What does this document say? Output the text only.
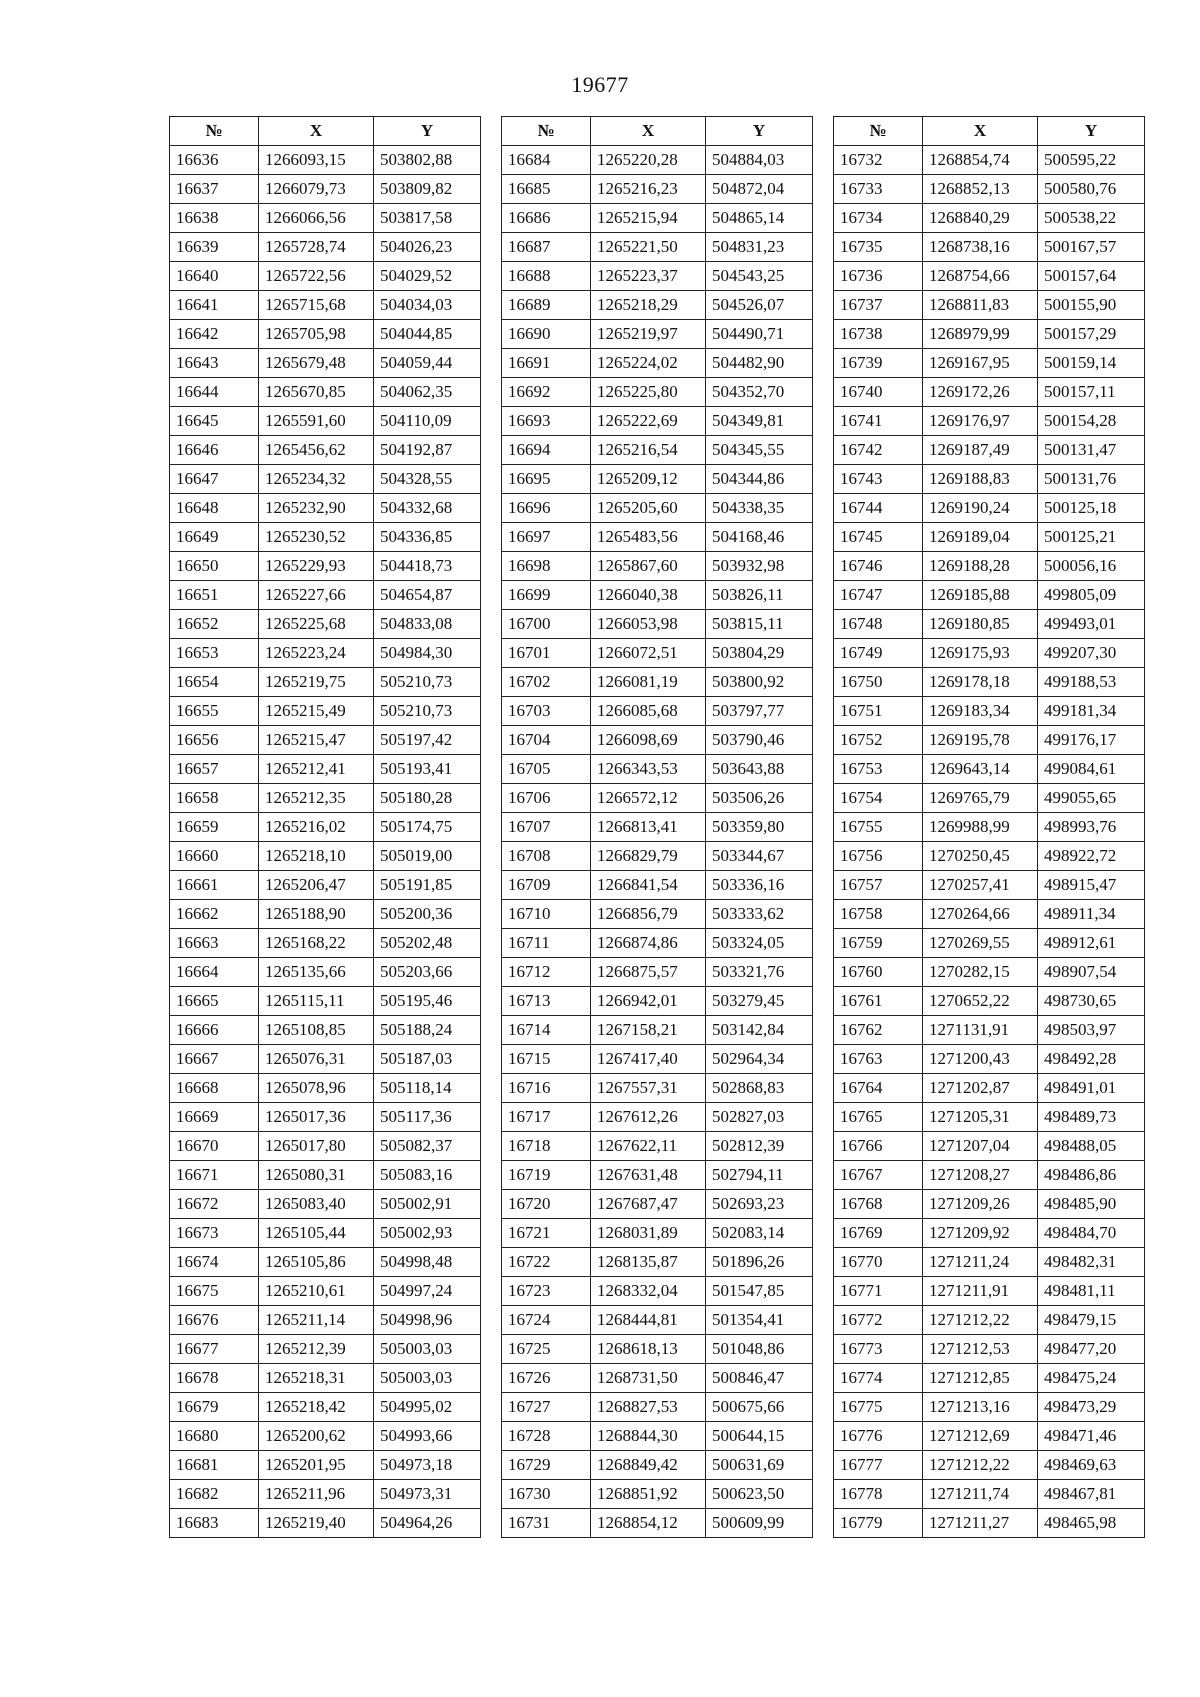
19677
№	X	Y
16636	1266093,15	503802,88
16637	1266079,73	503809,82
16638	1266066,56	503817,58
16639	1265728,74	504026,23
16640	1265722,56	504029,52
16641	1265715,68	504034,03
16642	1265705,98	504044,85
16643	1265679,48	504059,44
16644	1265670,85	504062,35
16645	1265591,60	504110,09
16646	1265456,62	504192,87
16647	1265234,32	504328,55
16648	1265232,90	504332,68
16649	1265230,52	504336,85
16650	1265229,93	504418,73
16651	1265227,66	504654,87
16652	1265225,68	504833,08
16653	1265223,24	504984,30
16654	1265219,75	505210,73
16655	1265215,49	505210,73
16656	1265215,47	505197,42
16657	1265212,41	505193,41
16658	1265212,35	505180,28
16659	1265216,02	505174,75
16660	1265218,10	505019,00
16661	1265206,47	505191,85
16662	1265188,90	505200,36
16663	1265168,22	505202,48
16664	1265135,66	505203,66
16665	1265115,11	505195,46
16666	1265108,85	505188,24
16667	1265076,31	505187,03
16668	1265078,96	505118,14
16669	1265017,36	505117,36
16670	1265017,80	505082,37
16671	1265080,31	505083,16
16672	1265083,40	505002,91
16673	1265105,44	505002,93
16674	1265105,86	504998,48
16675	1265210,61	504997,24
16676	1265211,14	504998,96
16677	1265212,39	505003,03
16678	1265218,31	505003,03
16679	1265218,42	504995,02
16680	1265200,62	504993,66
16681	1265201,95	504973,18
16682	1265211,96	504973,31
16683	1265219,40	504964,26
№	X	Y
16684	1265220,28	504884,03
16685	1265216,23	504872,04
16686	1265215,94	504865,14
16687	1265221,50	504831,23
16688	1265223,37	504543,25
16689	1265218,29	504526,07
16690	1265219,97	504490,71
16691	1265224,02	504482,90
16692	1265225,80	504352,70
16693	1265222,69	504349,81
16694	1265216,54	504345,55
16695	1265209,12	504344,86
16696	1265205,60	504338,35
16697	1265483,56	504168,46
16698	1265867,60	503932,98
16699	1266040,38	503826,11
16700	1266053,98	503815,11
16701	1266072,51	503804,29
16702	1266081,19	503800,92
16703	1266085,68	503797,77
16704	1266098,69	503790,46
16705	1266343,53	503643,88
16706	1266572,12	503506,26
16707	1266813,41	503359,80
16708	1266829,79	503344,67
16709	1266841,54	503336,16
16710	1266856,79	503333,62
16711	1266874,86	503324,05
16712	1266875,57	503321,76
16713	1266942,01	503279,45
16714	1267158,21	503142,84
16715	1267417,40	502964,34
16716	1267557,31	502868,83
16717	1267612,26	502827,03
16718	1267622,11	502812,39
16719	1267631,48	502794,11
16720	1267687,47	502693,23
16721	1268031,89	502083,14
16722	1268135,87	501896,26
16723	1268332,04	501547,85
16724	1268444,81	501354,41
16725	1268618,13	501048,86
16726	1268731,50	500846,47
16727	1268827,53	500675,66
16728	1268844,30	500644,15
16729	1268849,42	500631,69
16730	1268851,92	500623,50
16731	1268854,12	500609,99
№	X	Y
16732	1268854,74	500595,22
16733	1268852,13	500580,76
16734	1268840,29	500538,22
16735	1268738,16	500167,57
16736	1268754,66	500157,64
16737	1268811,83	500155,90
16738	1268979,99	500157,29
16739	1269167,95	500159,14
16740	1269172,26	500157,11
16741	1269176,97	500154,28
16742	1269187,49	500131,47
16743	1269188,83	500131,76
16744	1269190,24	500125,18
16745	1269189,04	500125,21
16746	1269188,28	500056,16
16747	1269185,88	499805,09
16748	1269180,85	499493,01
16749	1269175,93	499207,30
16750	1269178,18	499188,53
16751	1269183,34	499181,34
16752	1269195,78	499176,17
16753	1269643,14	499084,61
16754	1269765,79	499055,65
16755	1269988,99	498993,76
16756	1270250,45	498922,72
16757	1270257,41	498915,47
16758	1270264,66	498911,34
16759	1270269,55	498912,61
16760	1270282,15	498907,54
16761	1270652,22	498730,65
16762	1271131,91	498503,97
16763	1271200,43	498492,28
16764	1271202,87	498491,01
16765	1271205,31	498489,73
16766	1271207,04	498488,05
16767	1271208,27	498486,86
16768	1271209,26	498485,90
16769	1271209,92	498484,70
16770	1271211,24	498482,31
16771	1271211,91	498481,11
16772	1271212,22	498479,15
16773	1271212,53	498477,20
16774	1271212,85	498475,24
16775	1271213,16	498473,29
16776	1271212,69	498471,46
16777	1271212,22	498469,63
16778	1271211,74	498467,81
16779	1271211,27	498465,98
